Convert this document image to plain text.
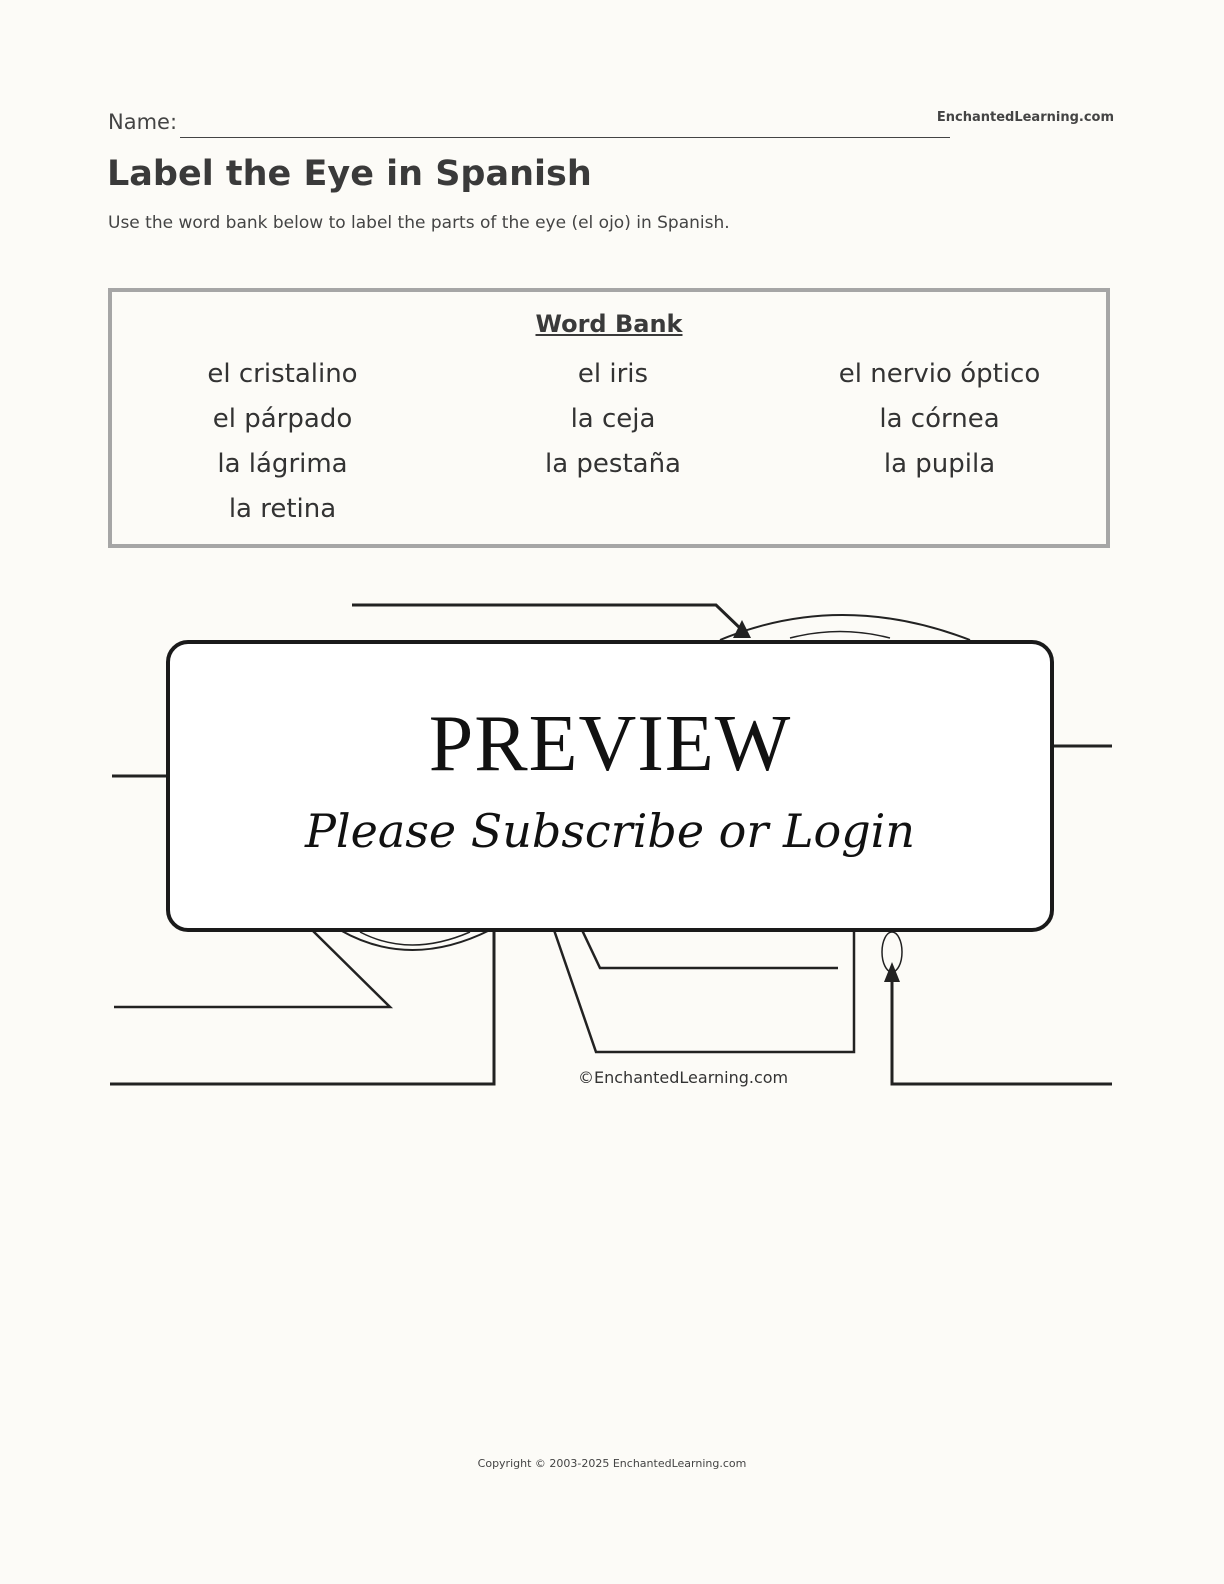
Name:	EnchantedLearning.com
Label the Eye in Spanish
Use the word bank below to label the parts of the eye (el ojo) in Spanish.
Word Bank
el cristalino	el iris	el nervio óptico
el párpado	la ceja	la córnea
la lágrima	la pestaña	la pupila
la retina
PREVIEW
Please Subscribe or Login
©EnchantedLearning.com
Copyright © 2003-2025 EnchantedLearning.com
